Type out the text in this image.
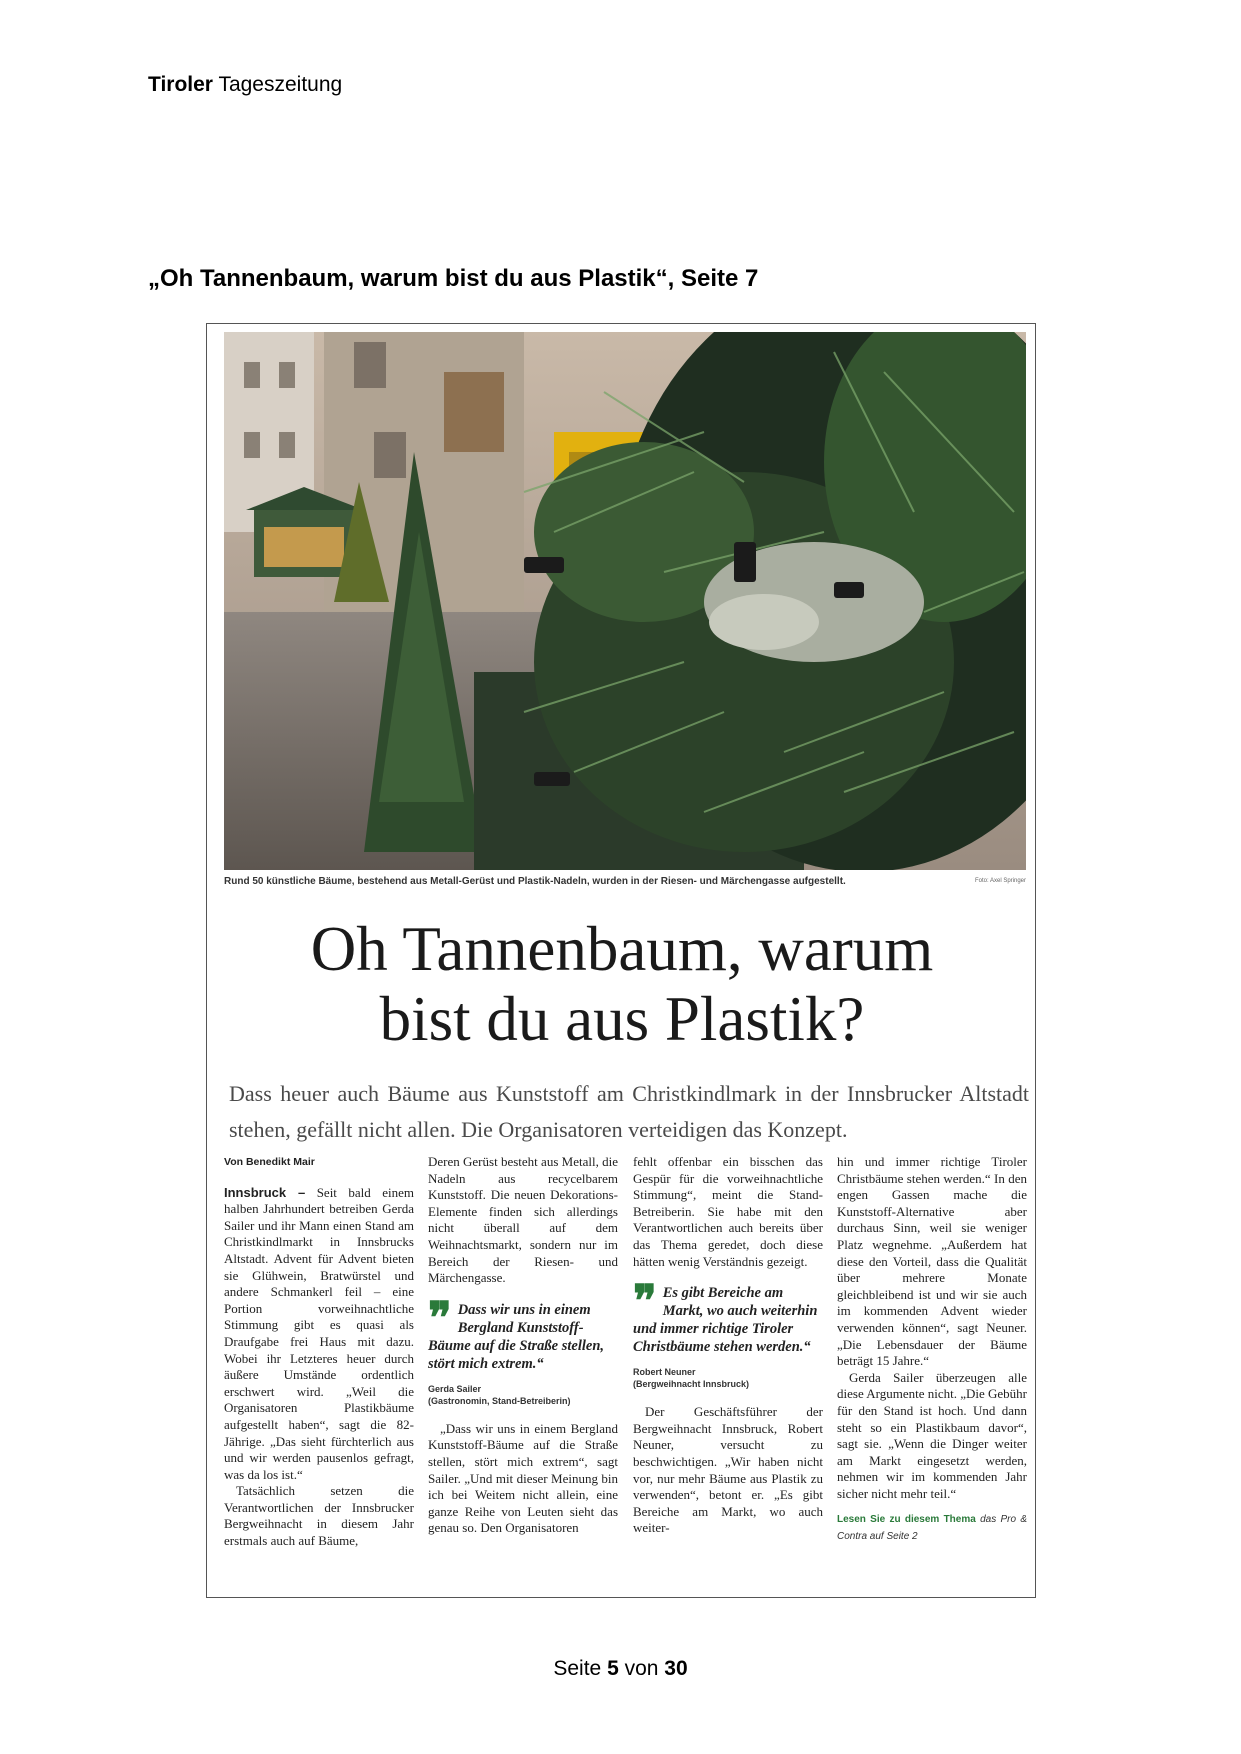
Tiroler Tageszeitung
„Oh Tannenbaum, warum bist du aus Plastik“, Seite 7
Rund 50 künstliche Bäume, bestehend aus Metall-Gerüst und Plastik-Nadeln, wurden in der Riesen- und Märchengasse aufgestellt.	Foto: Axel Springer
Oh Tannenbaum, warum
bist du aus Plastik?
Dass heuer auch Bäume aus Kunststoff am Christkindlmark in der Innsbrucker Altstadt stehen, gefällt nicht allen. Die Organisatoren verteidigen das Konzept.
Von Benedikt Mair

Innsbruck – Seit bald einem halben Jahrhundert betreiben Gerda Sailer und ihr Mann einen Stand am Christkindlmarkt in Innsbrucks Altstadt. Advent für Advent bieten sie Glühwein, Bratwürstel und andere Schmankerl feil – eine Portion vorweihnachtliche Stimmung gibt es quasi als Draufgabe frei Haus mit dazu. Wobei ihr Letzteres heuer durch äußere Umstände ordentlich erschwert wird. „Weil die Organisatoren Plastikbäume aufgestellt haben“, sagt die 82-Jährige. „Das sieht fürchterlich aus und wir werden pausenlos gefragt, was da los ist.“

Tatsächlich setzen die Verantwortlichen der Innsbrucker Bergweihnacht in diesem Jahr erstmals auch auf Bäume,

Deren Gerüst besteht aus Metall, die Nadeln aus recycelbarem Kunststoff. Die neuen Dekorations-Elemente finden sich allerdings nicht überall auf dem Weihnachtsmarkt, sondern nur im Bereich der Riesen- und Märchengasse.

❞ Dass wir uns in einem Bergland Kunststoff-Bäume auf die Straße stellen, stört mich extrem.“
Gerda Sailer
(Gastronomin, Stand-Betreiberin)

„Dass wir uns in einem Bergland Kunststoff-Bäume auf die Straße stellen, stört mich extrem“, sagt Sailer. „Und mit dieser Meinung bin ich bei Weitem nicht allein, eine ganze Reihe von Leuten sieht das genau so. Den Organisatoren

fehlt offenbar ein bisschen das Gespür für die vorweihnachtliche Stimmung“, meint die Stand-Betreiberin. Sie habe mit den Verantwortlichen auch bereits über das Thema geredet, doch diese hätten wenig Verständnis gezeigt.

❞ Es gibt Bereiche am Markt, wo auch weiterhin und immer richtige Tiroler Christbäume stehen werden.“
Robert Neuner
(Bergweihnacht Innsbruck)

Der Geschäftsführer der Bergweihnacht Innsbruck, Robert Neuner, versucht zu beschwichtigen. „Wir haben nicht vor, nur mehr Bäume aus Plastik zu verwenden“, betont er. „Es gibt Bereiche am Markt, wo auch weiter-

hin und immer richtige Tiroler Christbäume stehen werden.“ In den engen Gassen mache die Kunststoff-Alternative aber durchaus Sinn, weil sie weniger Platz wegnehme. „Außerdem hat diese den Vorteil, dass die Qualität über mehrere Monate gleichbleibend ist und wir sie auch im kommenden Advent wieder verwenden können“, sagt Neuner. „Die Lebensdauer der Bäume beträgt 15 Jahre.“

Gerda Sailer überzeugen alle diese Argumente nicht. „Die Gebühr für den Stand ist hoch. Und dann steht so ein Plastikbaum davor“, sagt sie. „Wenn die Dinger weiter am Markt eingesetzt werden, nehmen wir im kommenden Jahr sicher nicht mehr teil.“

Lesen Sie zu diesem Thema das Pro & Contra auf Seite 2

Seite 5 von 30
